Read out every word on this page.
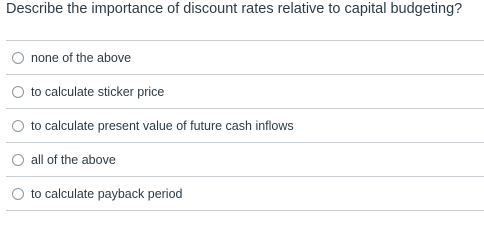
Describe the importance of discount rates relative to capital budgeting?
none of the above
to calculate sticker price
to calculate present value of future cash inflows
all of the above
to calculate payback period
